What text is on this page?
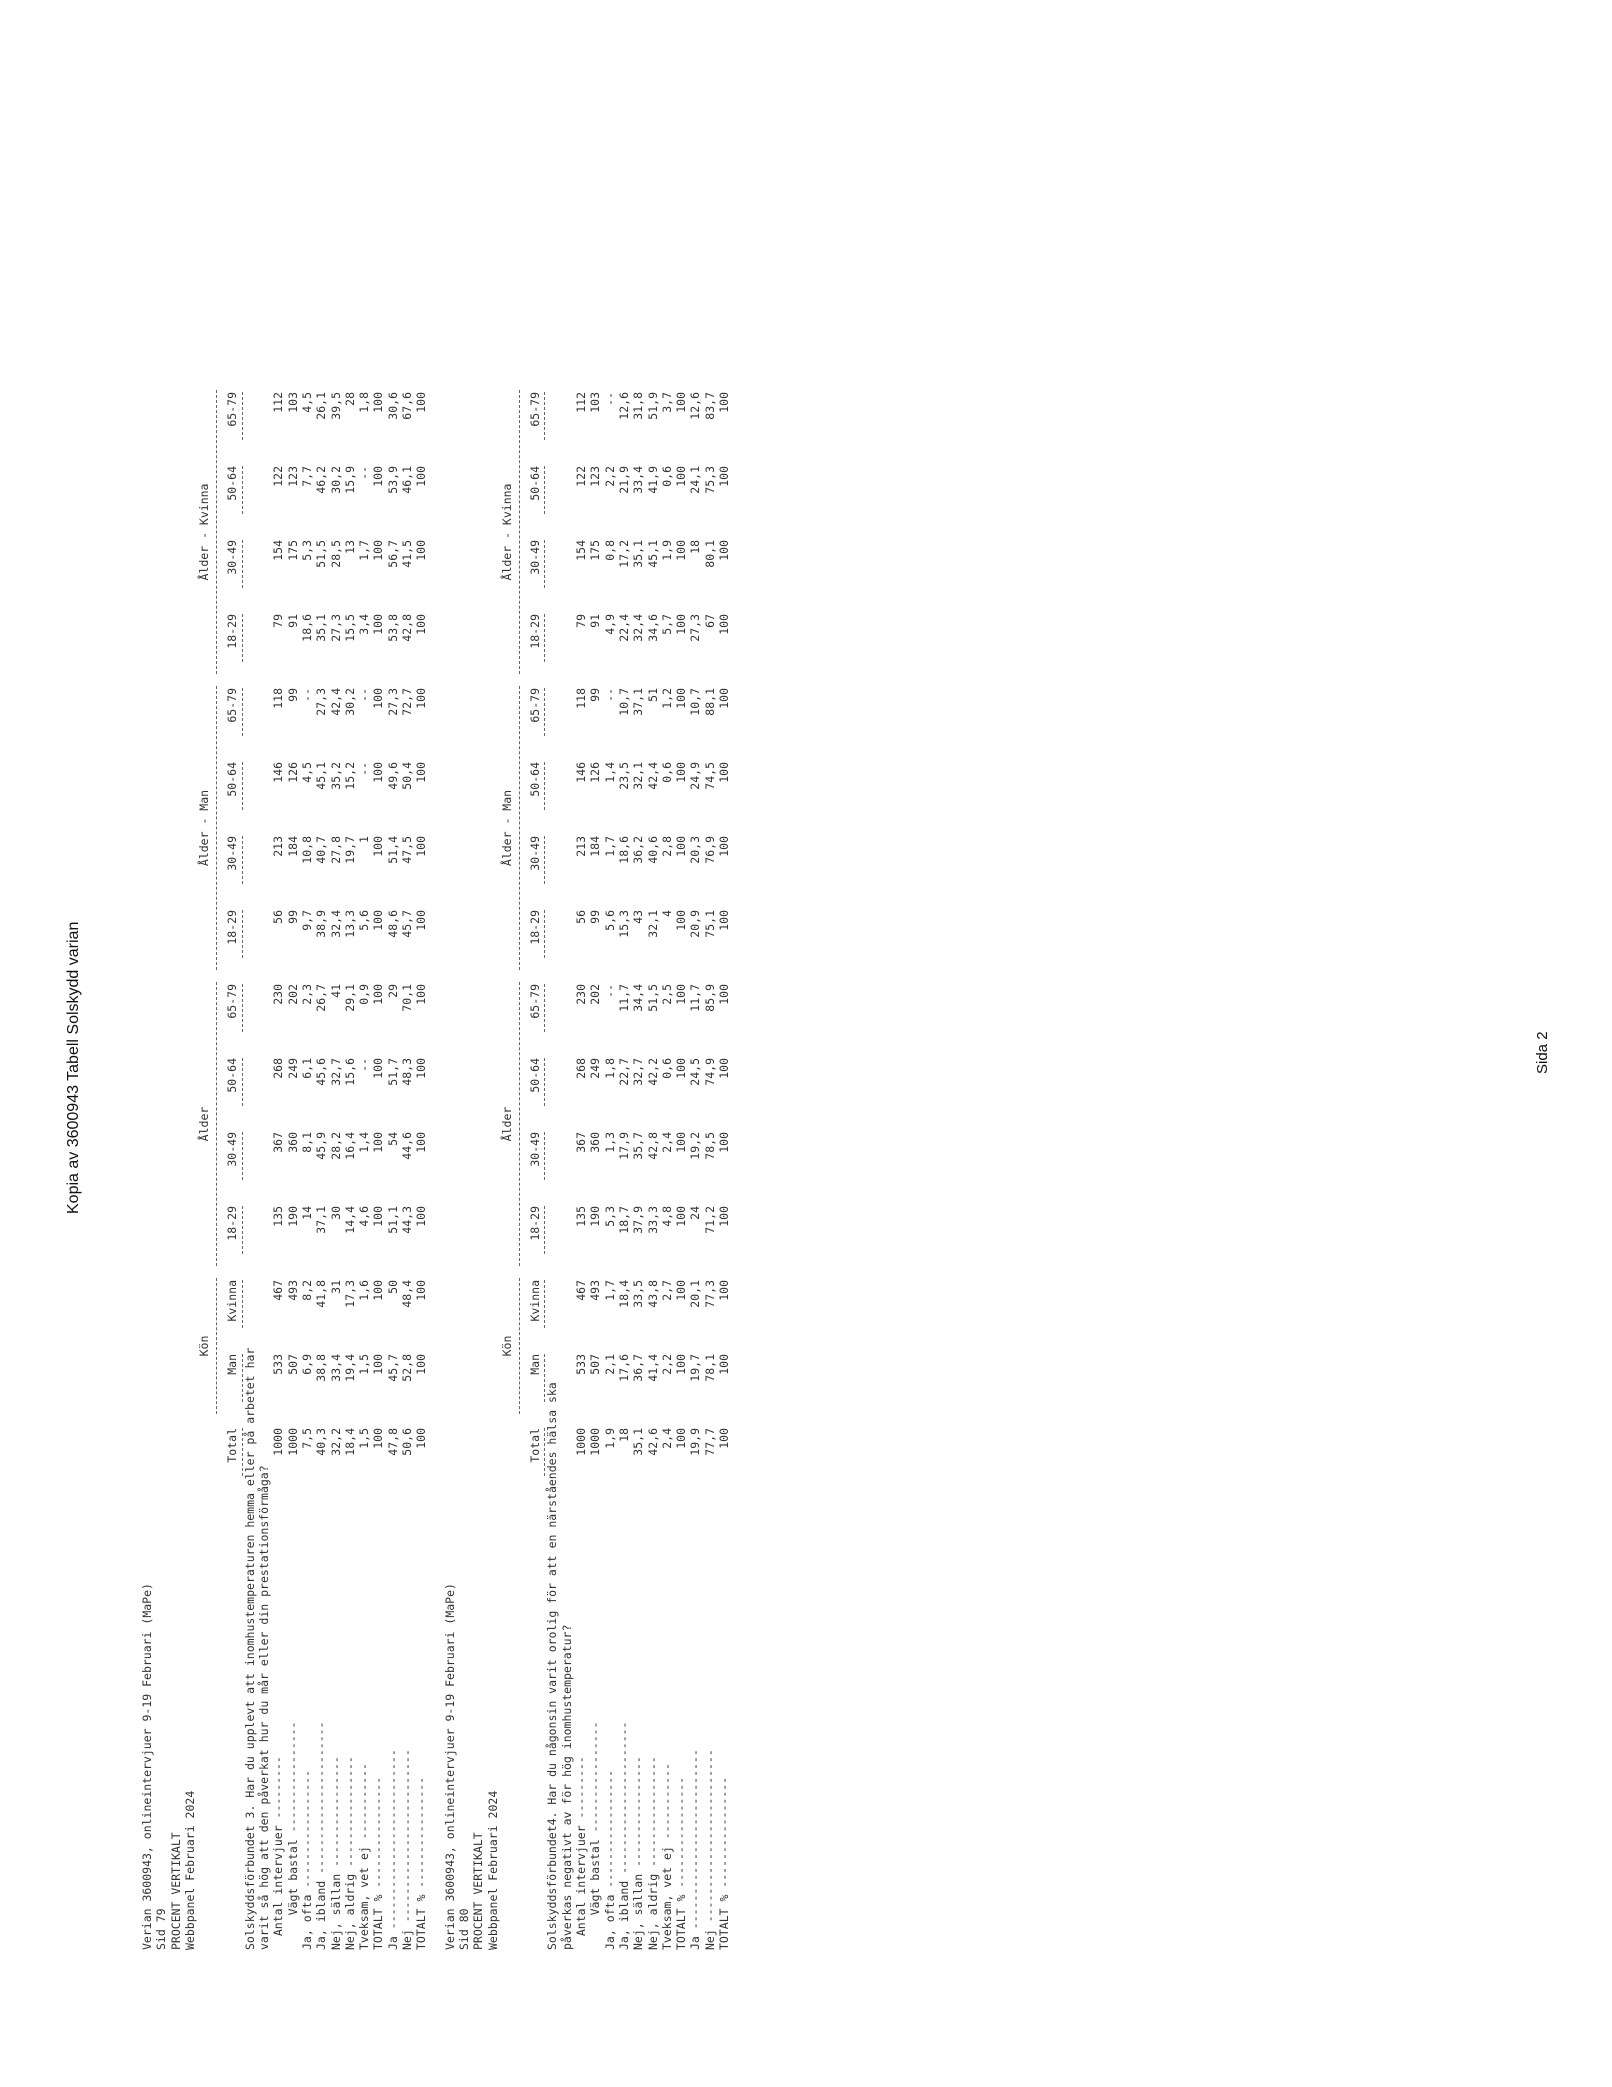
Kopia av 3600943 Tabell Solskydd varian	Sida 2
Verian 3600943, onlineintervjuer 9-19 Februari (MaPe) Sid 79 PROCENT VERTIKALT Webbpanel Februari 2024
		Kön		Ålder				Ålder - Man				Ålder - Kvinna			

	Total	Man	Kvinna	18-29	30-49	50-64	65-79	18-29	30-49	50-64	65-79	18-29	30-49	50-64	65-79

Solskyddsförbundet 3. Har du upplevt att inomhustemperaturen hemma eller på arbetet har															
varit så hög att den påverkat hur du mår eller din prestationsförmåga?															
Antal intervjuer ---------	1000	533	467	135	367	268	230	56	213	146	118	79	154	122	112
Vägt bastal ----------------	1000	507	493	190	360	249	202	99	184	126	99	91	175	123	103
Ja, ofta -----------------	7,5	6,9	8,2	14	8,1	6,1	2,3	9,7	10,8	4,5	--	18,6	5,3	7,7	4,5
Ja, ibland ----------------------	40,3	38,8	41,8	37,1	45,9	45,6	26,7	38,9	40,7	45,1	27,3	35,1	51,5	46,2	26,1
Nej, sällan ----------------	32,2	33,4	31	30	28,2	32,7	41	32,4	27,8	35,2	42,4	27,3	28,5	30,2	39,5
Nej, aldrig ----------------	18,4	19,4	17,3	14,4	16,4	15,6	29,1	13,3	19,7	15,2	30,2	15,5	13	15,9	28
Tveksam, vet ej -----------	1,5	1,5	1,6	4,6	1,4	--	0,9	5,6	1	--	--	3,4	1,7	--	1,8
TOTALT % ----------------	100	100	100	100	100	100	100	100	100	100	100	100	100	100	100
Ja --------------------------	47,8	45,7	50	51,1	54	51,7	29	48,6	51,4	49,6	27,3	53,8	56,7	53,9	30,6
Nej -------------------------	50,6	52,8	48,4	44,3	44,6	48,3	70,1	45,7	47,5	50,4	72,7	42,8	41,5	46,1	67,6
TOTALT % ----------------	100	100	100	100	100	100	100	100	100	100	100	100	100	100	100
Verian 3600943, onlineintervjuer 9-19 Februari (MaPe) Sid 80 PROCENT VERTIKALT Webbpanel Februari 2024
		Kön		Ålder				Ålder - Man				Ålder - Kvinna			

	Total	Man	Kvinna	18-29	30-49	50-64	65-79	18-29	30-49	50-64	65-79	18-29	30-49	50-64	65-79

Solskyddsförbundet4. Har du någonsin varit orolig för att en närståendes hälsa ska															
påverkas negativt av för hög inomhustemperatur?															
Antal intervjuer ---------	1000	533	467	135	367	268	230	56	213	146	118	79	154	122	112
Vägt bastal ----------------	1000	507	493	190	360	249	202	99	184	126	99	91	175	123	103
Ja, ofta -----------------	1,9	2,1	1,7	5,3	1,3	1,8	--	5,6	1,7	1,4	--	4,9	0,8	2,2	--
Ja, ibland ----------------------	18	17,6	18,4	18,7	17,9	22,7	11,7	15,3	18,6	23,5	10,7	22,4	17,2	21,9	12,6
Nej, sällan ----------------	35,1	36,7	33,5	37,9	35,7	32,7	34,4	43	36,2	32,1	37,1	32,4	35,1	33,4	31,8
Nej, aldrig ----------------	42,6	41,4	43,8	33,3	42,8	42,2	51,5	32,1	40,6	42,4	51	34,6	45,1	41,9	51,9
Tveksam, vet ej -----------	2,4	2,2	2,7	4,8	2,4	0,6	2,5	4	2,8	0,6	1,2	5,7	1,9	0,6	3,7
TOTALT % ----------------	100	100	100	100	100	100	100	100	100	100	100	100	100	100	100
Ja --------------------------	19,9	19,7	20,1	24	19,2	24,5	11,7	20,9	20,3	24,9	10,7	27,3	18	24,1	12,6
Nej -------------------------	77,7	78,1	77,3	71,2	78,5	74,9	85,9	75,1	76,9	74,5	88,1	67	80,1	75,3	83,7
TOTALT % ----------------	100	100	100	100	100	100	100	100	100	100	100	100	100	100	100
